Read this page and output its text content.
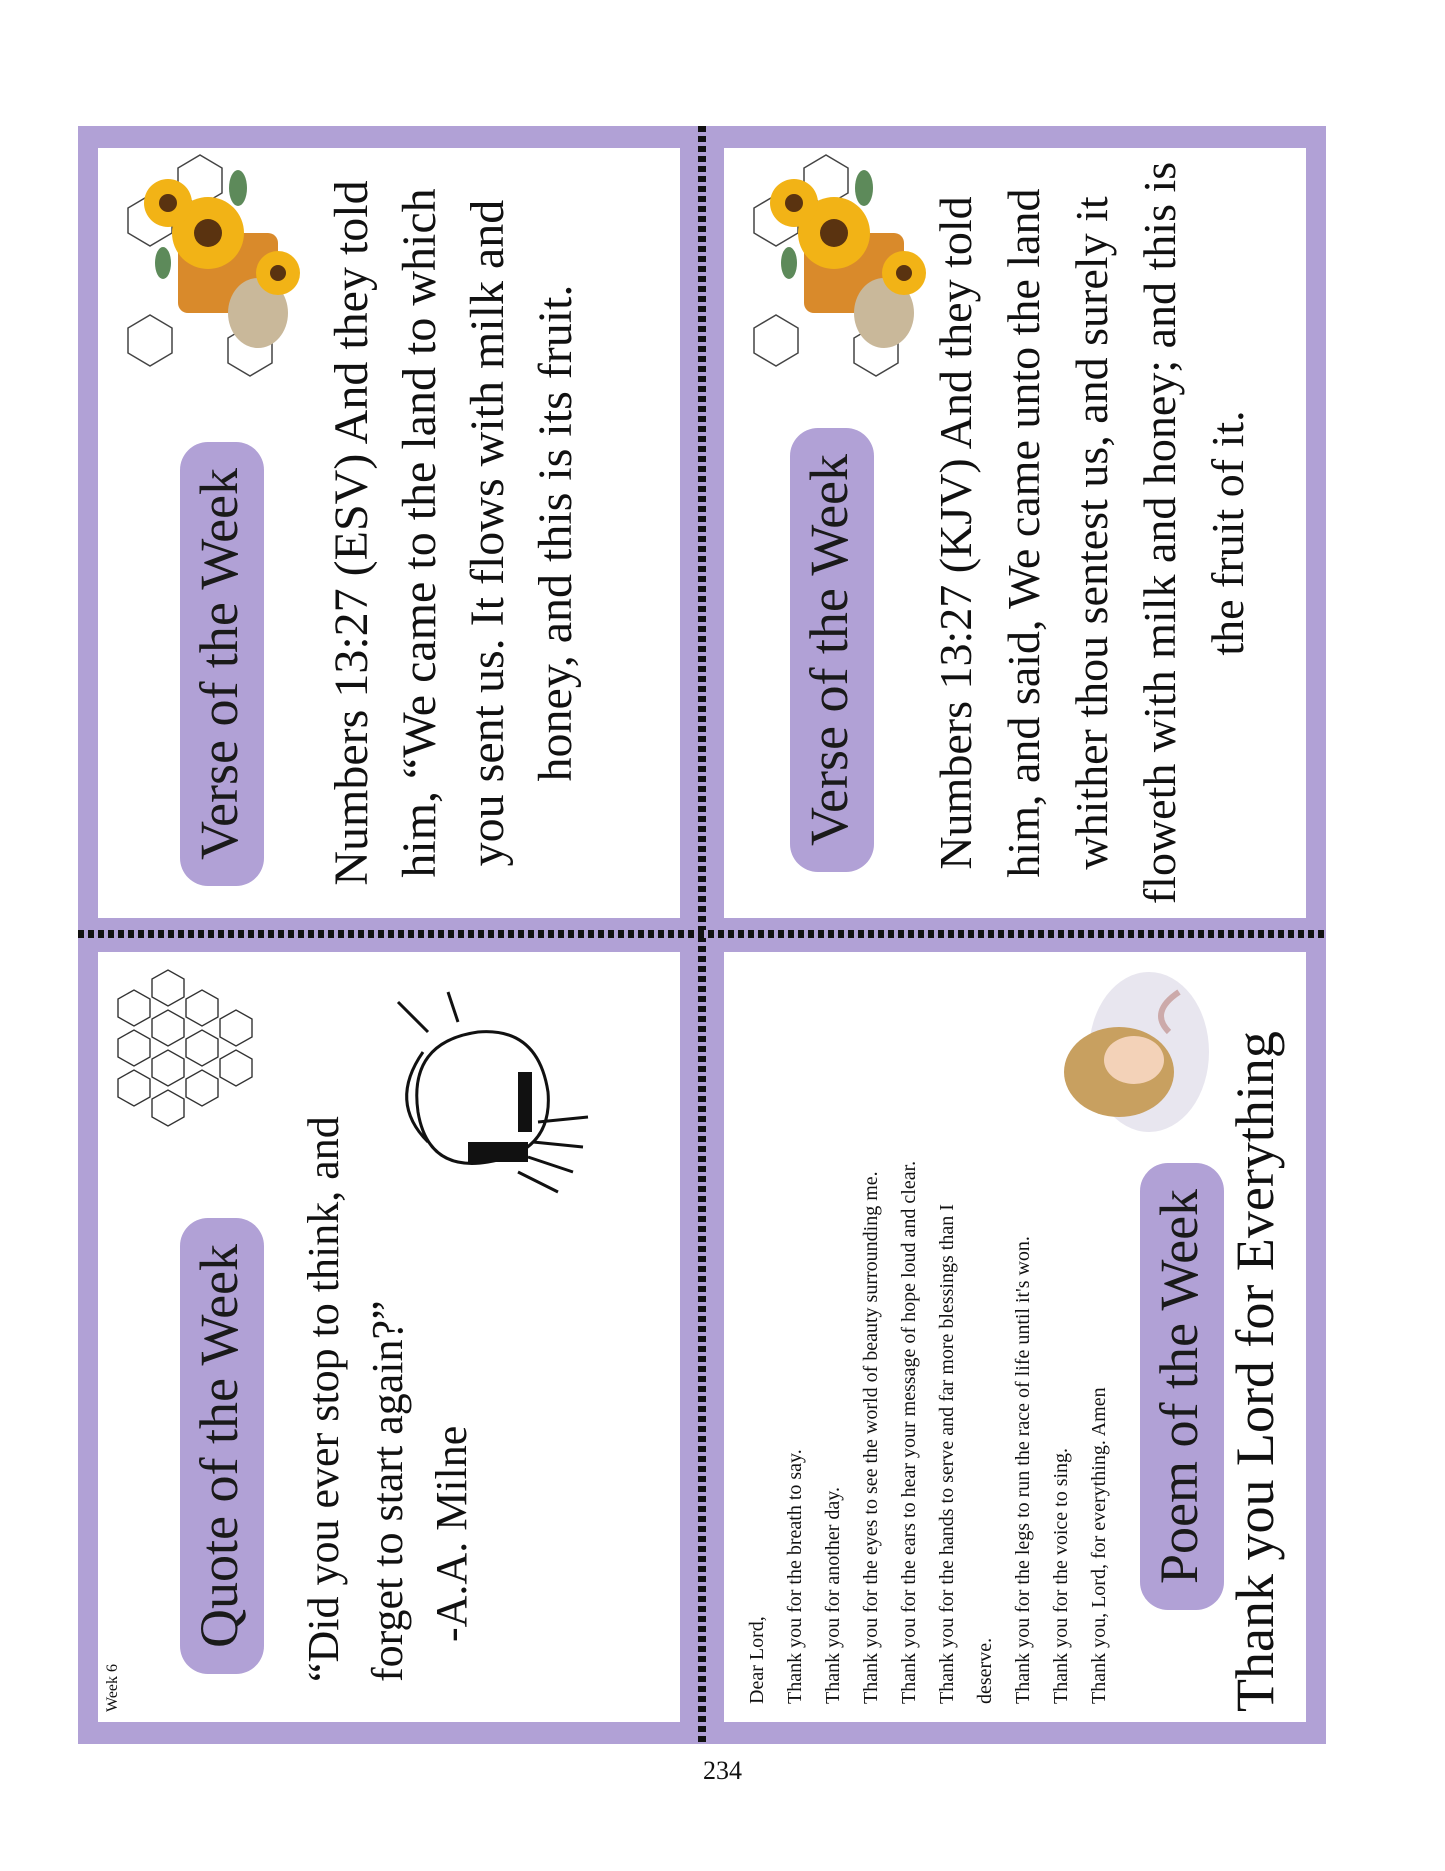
Week 6
Quote of the Week	“Did you ever stop to think, and forget to start again?” -A.A. Milne
Verse of the Week	Numbers 13:27 (ESV) And they told him, “We came to the land to which you sent us. It flows with milk and honey, and this is its fruit.
Dear Lord, Thank you for the breath to say. Thank you for another day. Thank you for the eyes to see the world of beauty surrounding me. Thank you for the ears to hear your message of hope loud and clear. Thank you for the hands to serve and far more blessings than I deserve. Thank you for the legs to run the race of life until it's won. Thank you for the voice to sing. Thank you, Lord, for everything. Amen Poem of the Week Thank you Lord for Everything
Verse of the Week	Numbers 13:27 (KJV) And they told him, and said, We came unto the land whither thou sentest us, and surely it floweth with milk and honey; and this is the fruit of it.
234
